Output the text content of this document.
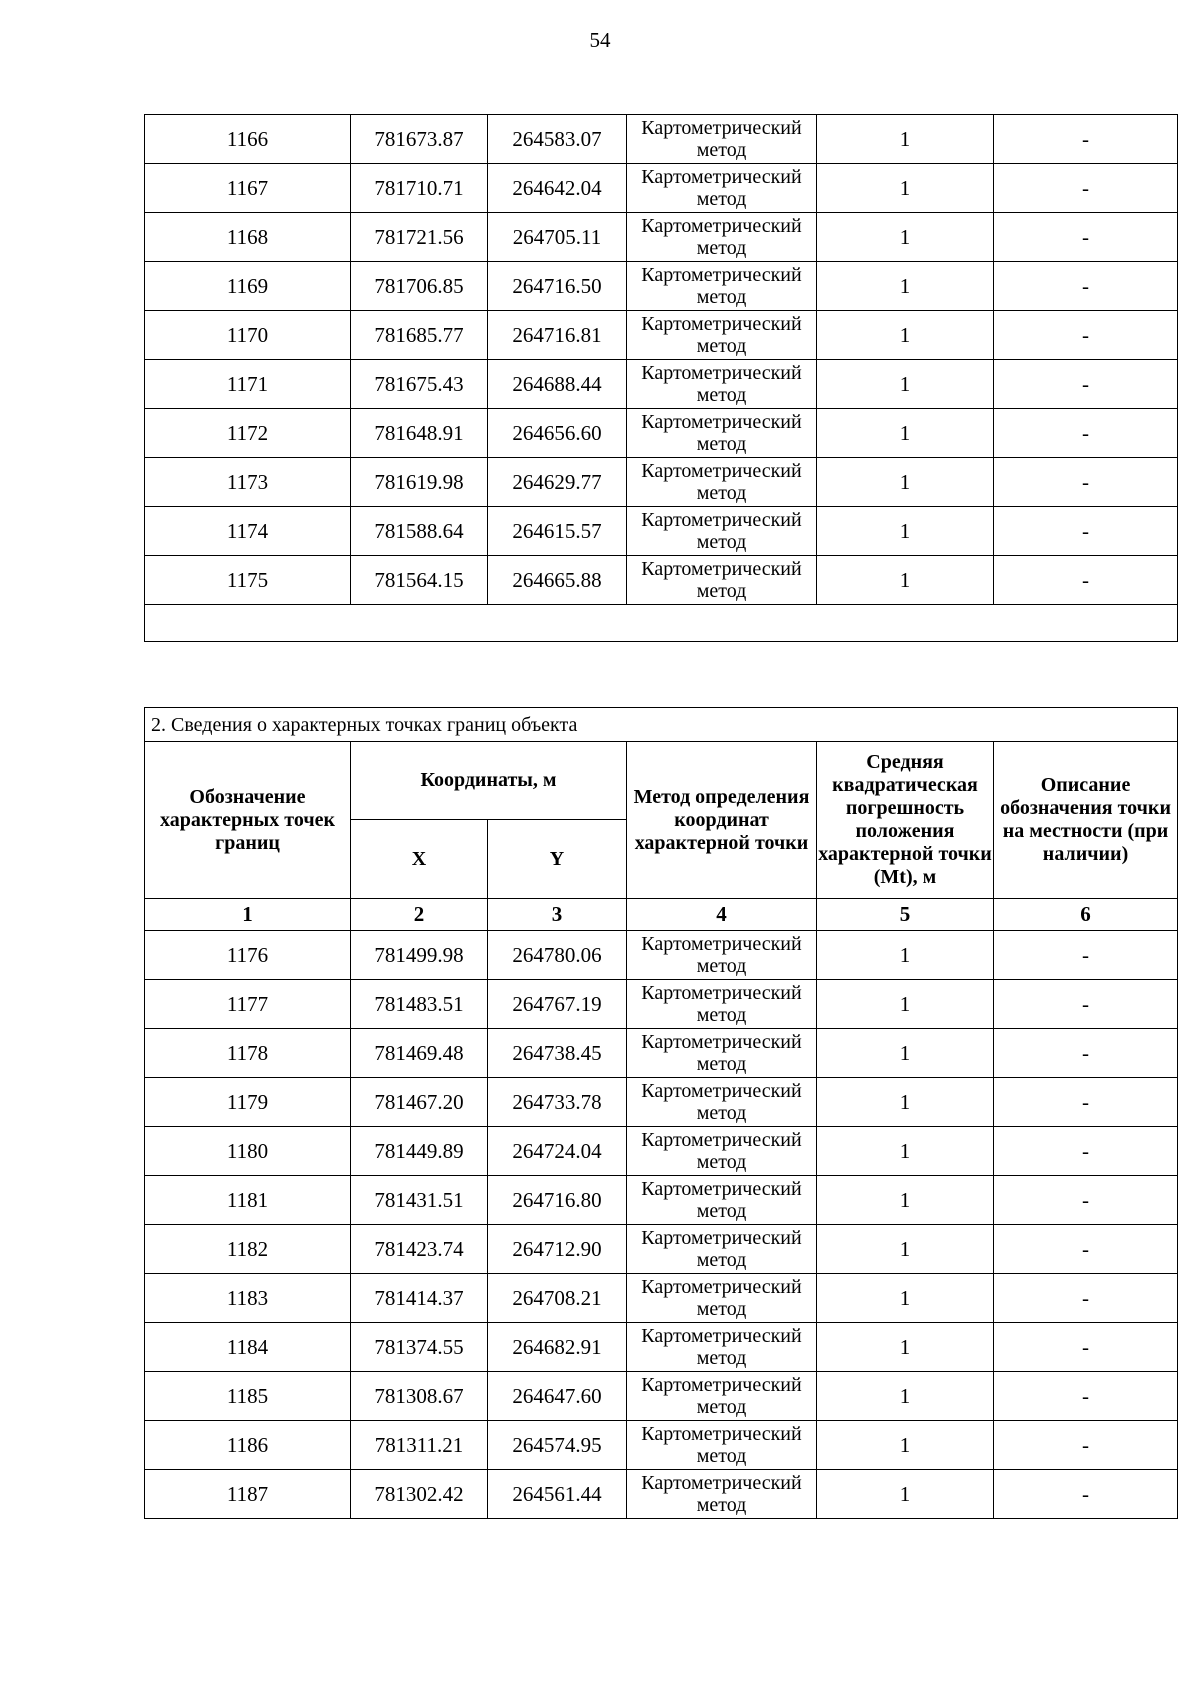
54
1166	781673.87	264583.07	Картометрический метод	1	-
1167	781710.71	264642.04	Картометрический метод	1	-
1168	781721.56	264705.11	Картометрический метод	1	-
1169	781706.85	264716.50	Картометрический метод	1	-
1170	781685.77	264716.81	Картометрический метод	1	-
1171	781675.43	264688.44	Картометрический метод	1	-
1172	781648.91	264656.60	Картометрический метод	1	-
1173	781619.98	264629.77	Картометрический метод	1	-
1174	781588.64	264615.57	Картометрический метод	1	-
1175	781564.15	264665.88	Картометрический метод	1	-

2. Сведения о характерных точках границ объекта					
Обозначение характерных точек границ	Координаты, м		Метод определения координат характерной точки	Средняя квадратическая погрешность положения характерной точки (Mt), м	Описание обозначения точки на местности (при наличии)
	X	Y			
1	2	3	4	5	6
1176	781499.98	264780.06	Картометрический метод	1	-
1177	781483.51	264767.19	Картометрический метод	1	-
1178	781469.48	264738.45	Картометрический метод	1	-
1179	781467.20	264733.78	Картометрический метод	1	-
1180	781449.89	264724.04	Картометрический метод	1	-
1181	781431.51	264716.80	Картометрический метод	1	-
1182	781423.74	264712.90	Картометрический метод	1	-
1183	781414.37	264708.21	Картометрический метод	1	-
1184	781374.55	264682.91	Картометрический метод	1	-
1185	781308.67	264647.60	Картометрический метод	1	-
1186	781311.21	264574.95	Картометрический метод	1	-
1187	781302.42	264561.44	Картометрический метод	1	-
